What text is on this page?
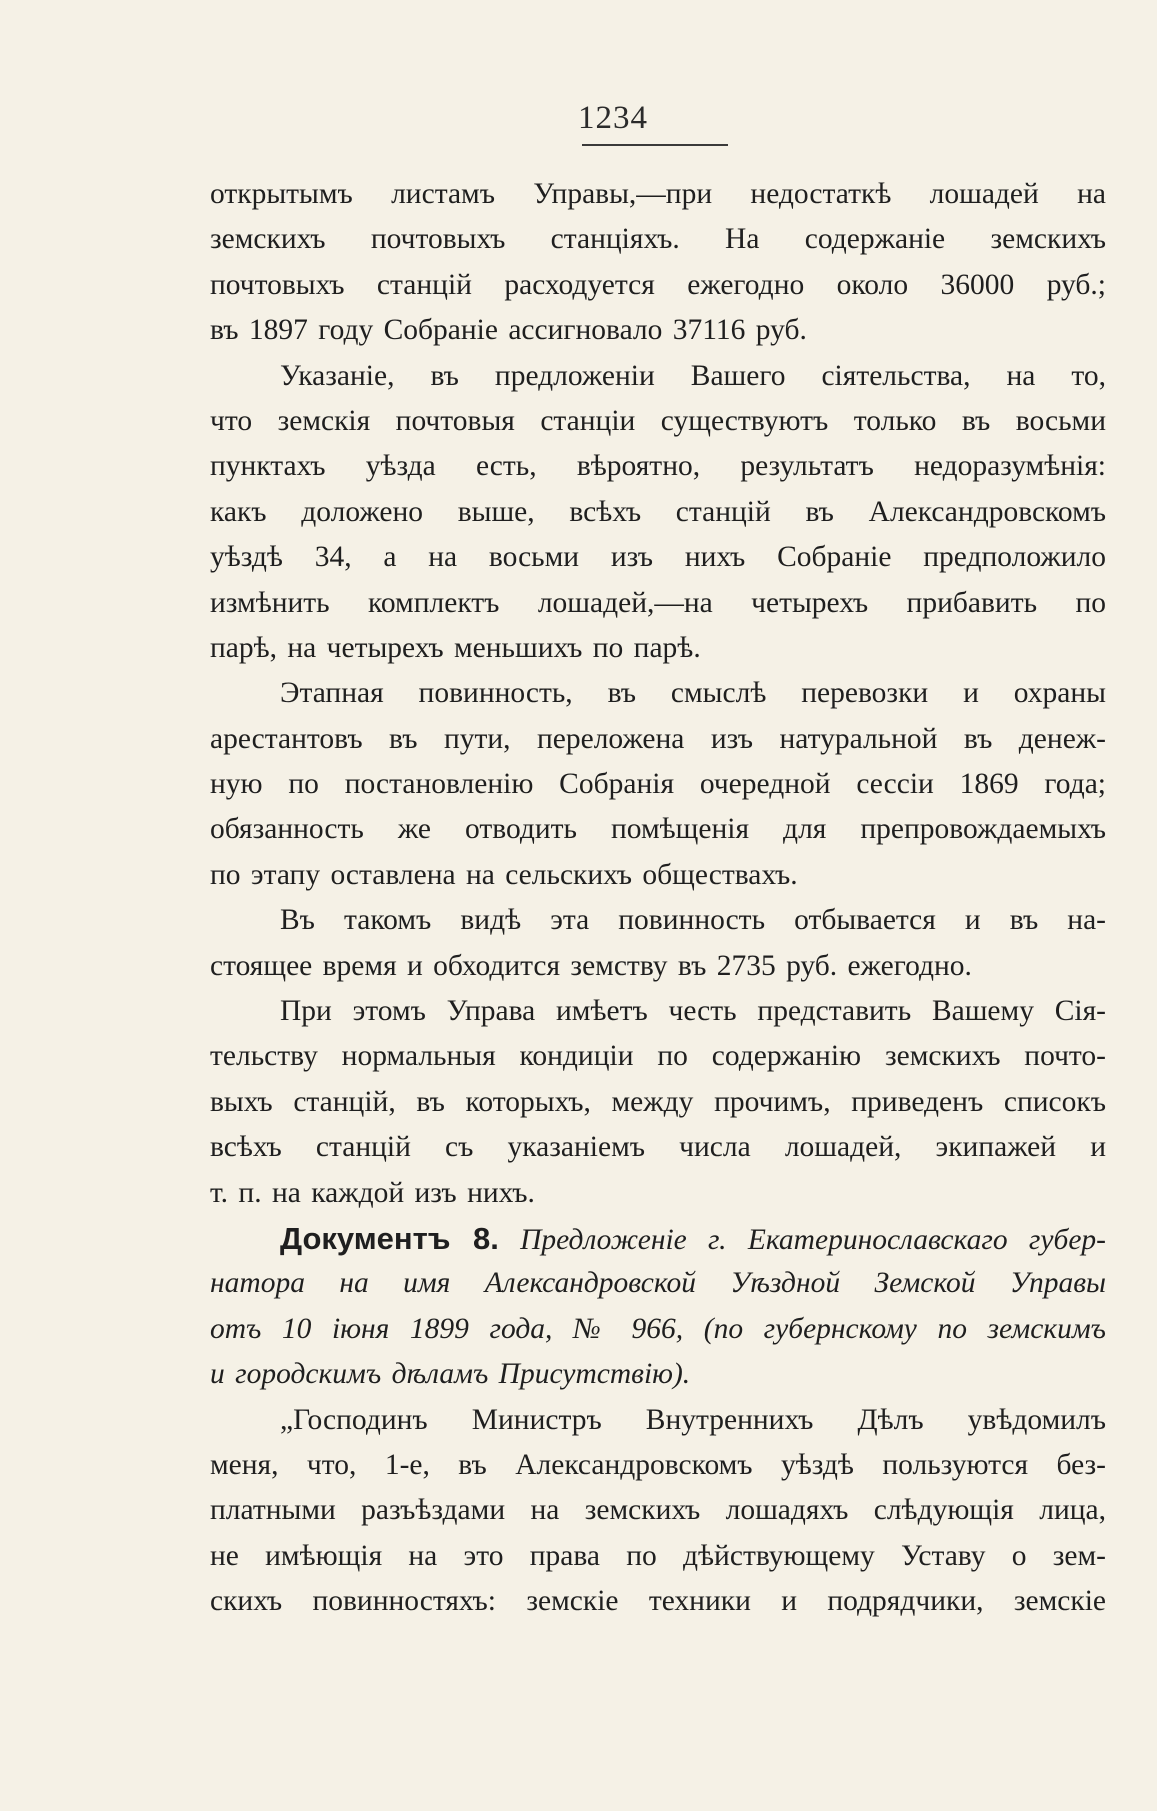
1234
открытымъ листамъ Управы,—при недостаткѣ лошадей на
земскихъ почтовыхъ станціяхъ. На содержаніе земскихъ
почтовыхъ станцій расходуется ежегодно около 36000 руб.;
въ 1897 году Собраніе ассигновало 37116 руб.
Указаніе, въ предложеніи Вашего сіятельства, на то,
что земскія почтовыя станціи существуютъ только въ восьми
пунктахъ уѣзда есть, вѣроятно, результатъ недоразумѣнія:
какъ доложено выше, всѣхъ станцій въ Александровскомъ
уѣздѣ 34, а на восьми изъ нихъ Собраніе предположило
измѣнить комплектъ лошадей,—на четырехъ прибавить по
парѣ, на четырехъ меньшихъ по парѣ.
Этапная повинность, въ смыслѣ перевозки и охраны
арестантовъ въ пути, переложена изъ натуральной въ денеж-
ную по постановленію Собранія очередной сессіи 1869 года;
обязанность же отводить помѣщенія для препровождаемыхъ
по этапу оставлена на сельскихъ обществахъ.
Въ такомъ видѣ эта повинность отбывается и въ на-
стоящее время и обходится земству въ 2735 руб. ежегодно.
При этомъ Управа имѣетъ честь представить Вашему Сія-
тельству нормальныя кондиціи по содержанію земскихъ почто-
выхъ станцій, въ которыхъ, между прочимъ, приведенъ списокъ
всѣхъ станцій съ указаніемъ числа лошадей, экипажей и
т. п. на каждой изъ нихъ.
Документъ 8. Предложеніе г. Екатеринославскаго губер-
натора на имя Александровской Уѣздной Земской Управы
отъ 10 іюня 1899 года, № 966, (по губернскому по земскимъ
и городскимъ дѣламъ Присутствію).
„Господинъ Министръ Внутреннихъ Дѣлъ увѣдомилъ
меня, что, 1-е, въ Александровскомъ уѣздѣ пользуются без-
платными разъѣздами на земскихъ лошадяхъ слѣдующія лица,
не имѣющія на это права по дѣйствующему Уставу о зем-
скихъ повинностяхъ: земскіе техники и подрядчики, земскіе
